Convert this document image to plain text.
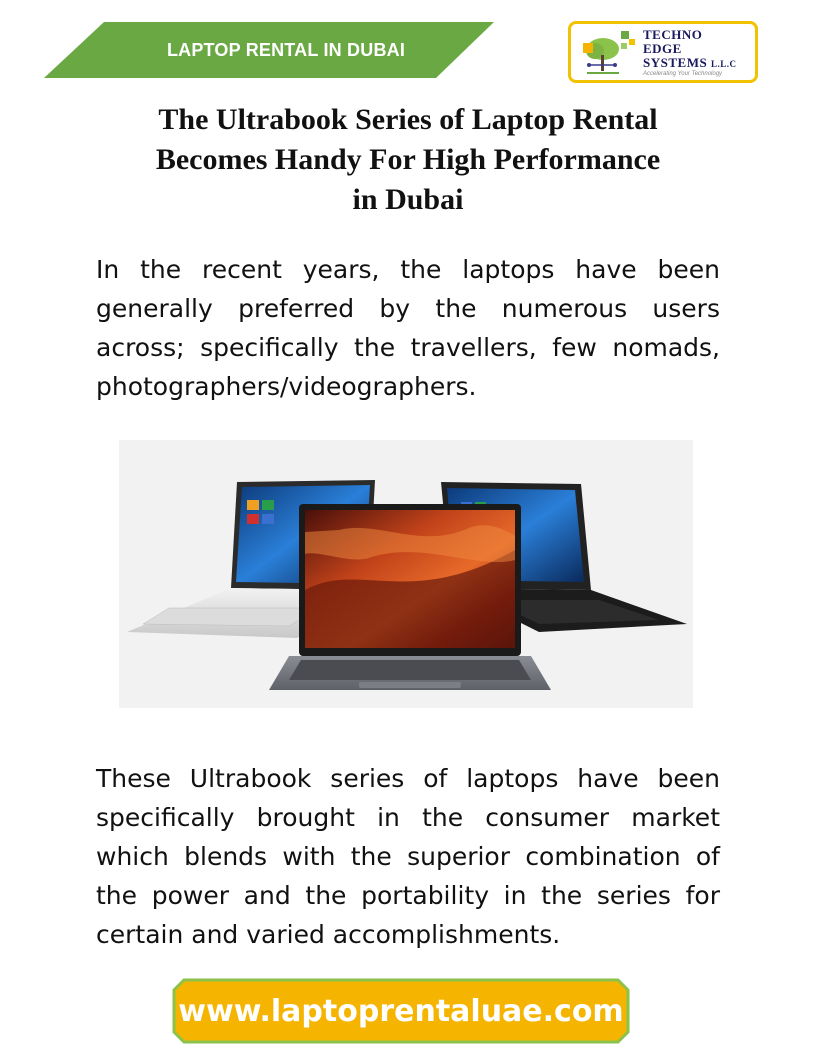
LAPTOP RENTAL IN DUBAI
TECHNO
EDGE
SYSTEMS L.L.C
Accelerating Your Technology
The Ultrabook Series of Laptop Rental
Becomes Handy For High Performance
in Dubai

In the recent years, the laptops have been generally preferred by the numerous users across; specifically the travellers, few nomads, photographers/videographers.

These Ultrabook series of laptops have been specifically brought in the consumer market which blends with the superior combination of the power and the portability in the series for certain and varied accomplishments.

www.laptoprentaluae.com
